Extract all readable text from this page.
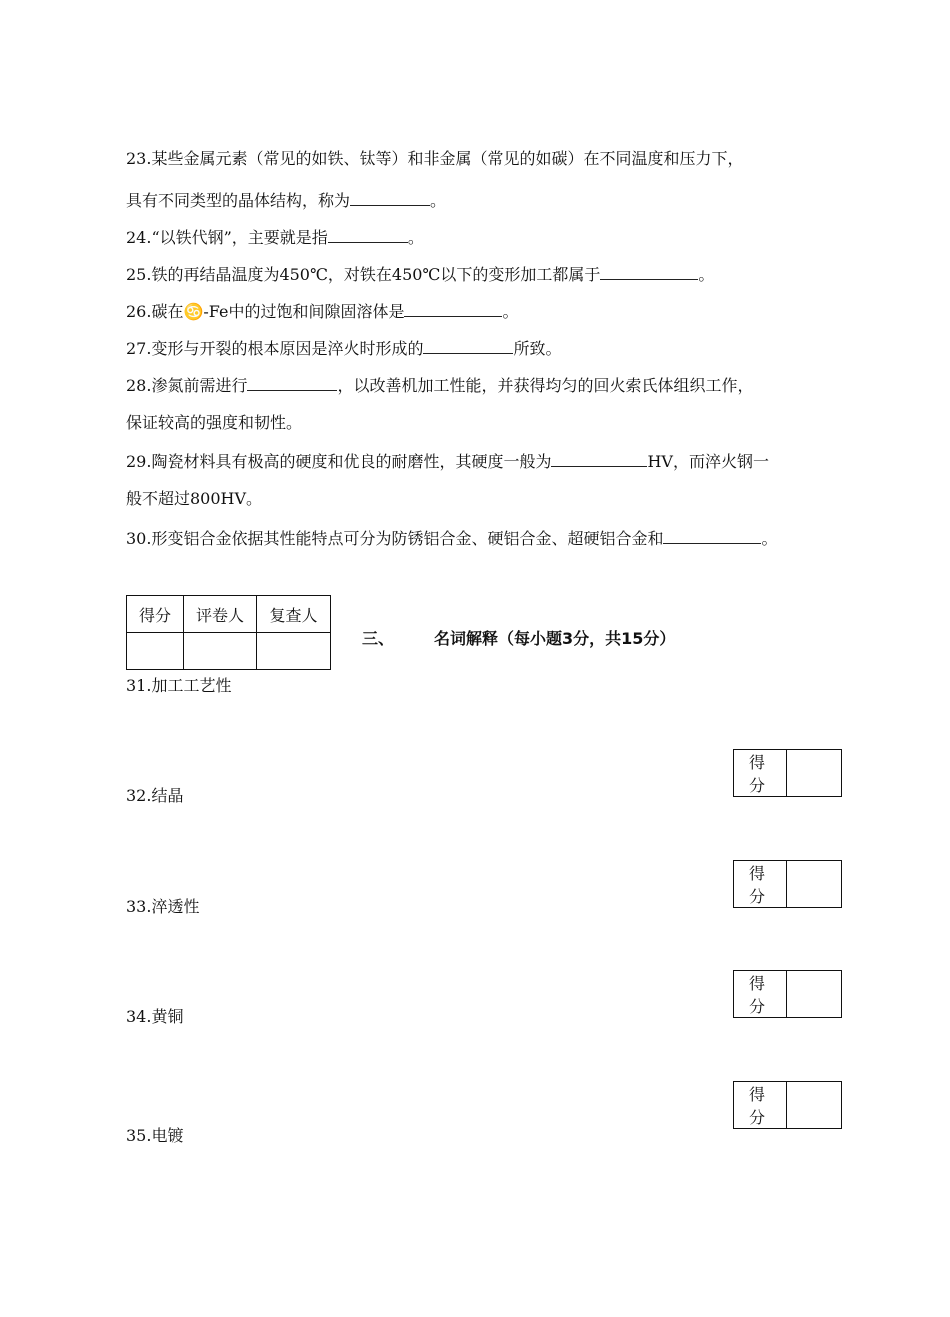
23.某些金属元素（常见的如铁、钛等）和非金属（常见的如碳）在不同温度和压力下，
具有不同类型的晶体结构，称为	。
24.“以铁代钢”，主要就是指	。
25.铁的再结晶温度为450℃，对铁在450℃以下的变形加工都属于	。
26.碳在♋-Fe中的过饱和间隙固溶体是	。
27.变形与开裂的根本原因是淬火时形成的	所致。
28.渗氮前需进行	，以改善机加工性能，并获得均匀的回火索氏体组织工作，
保证较高的强度和韧性。
29.陶瓷材料具有极高的硬度和优良的耐磨性，其硬度一般为	HV，而淬火钢一
般不超过800HV。
30.形变铝合金依据其性能特点可分为防锈铝合金、硬铝合金、超硬铝合金和	。
得分	评卷人	复查人

三、 名词解释（每小题3分，共15分）
31.加工工艺性
得 分	
32.结晶
得 分	
33.淬透性
得 分	
34.黄铜
得 分	
35.电镀
